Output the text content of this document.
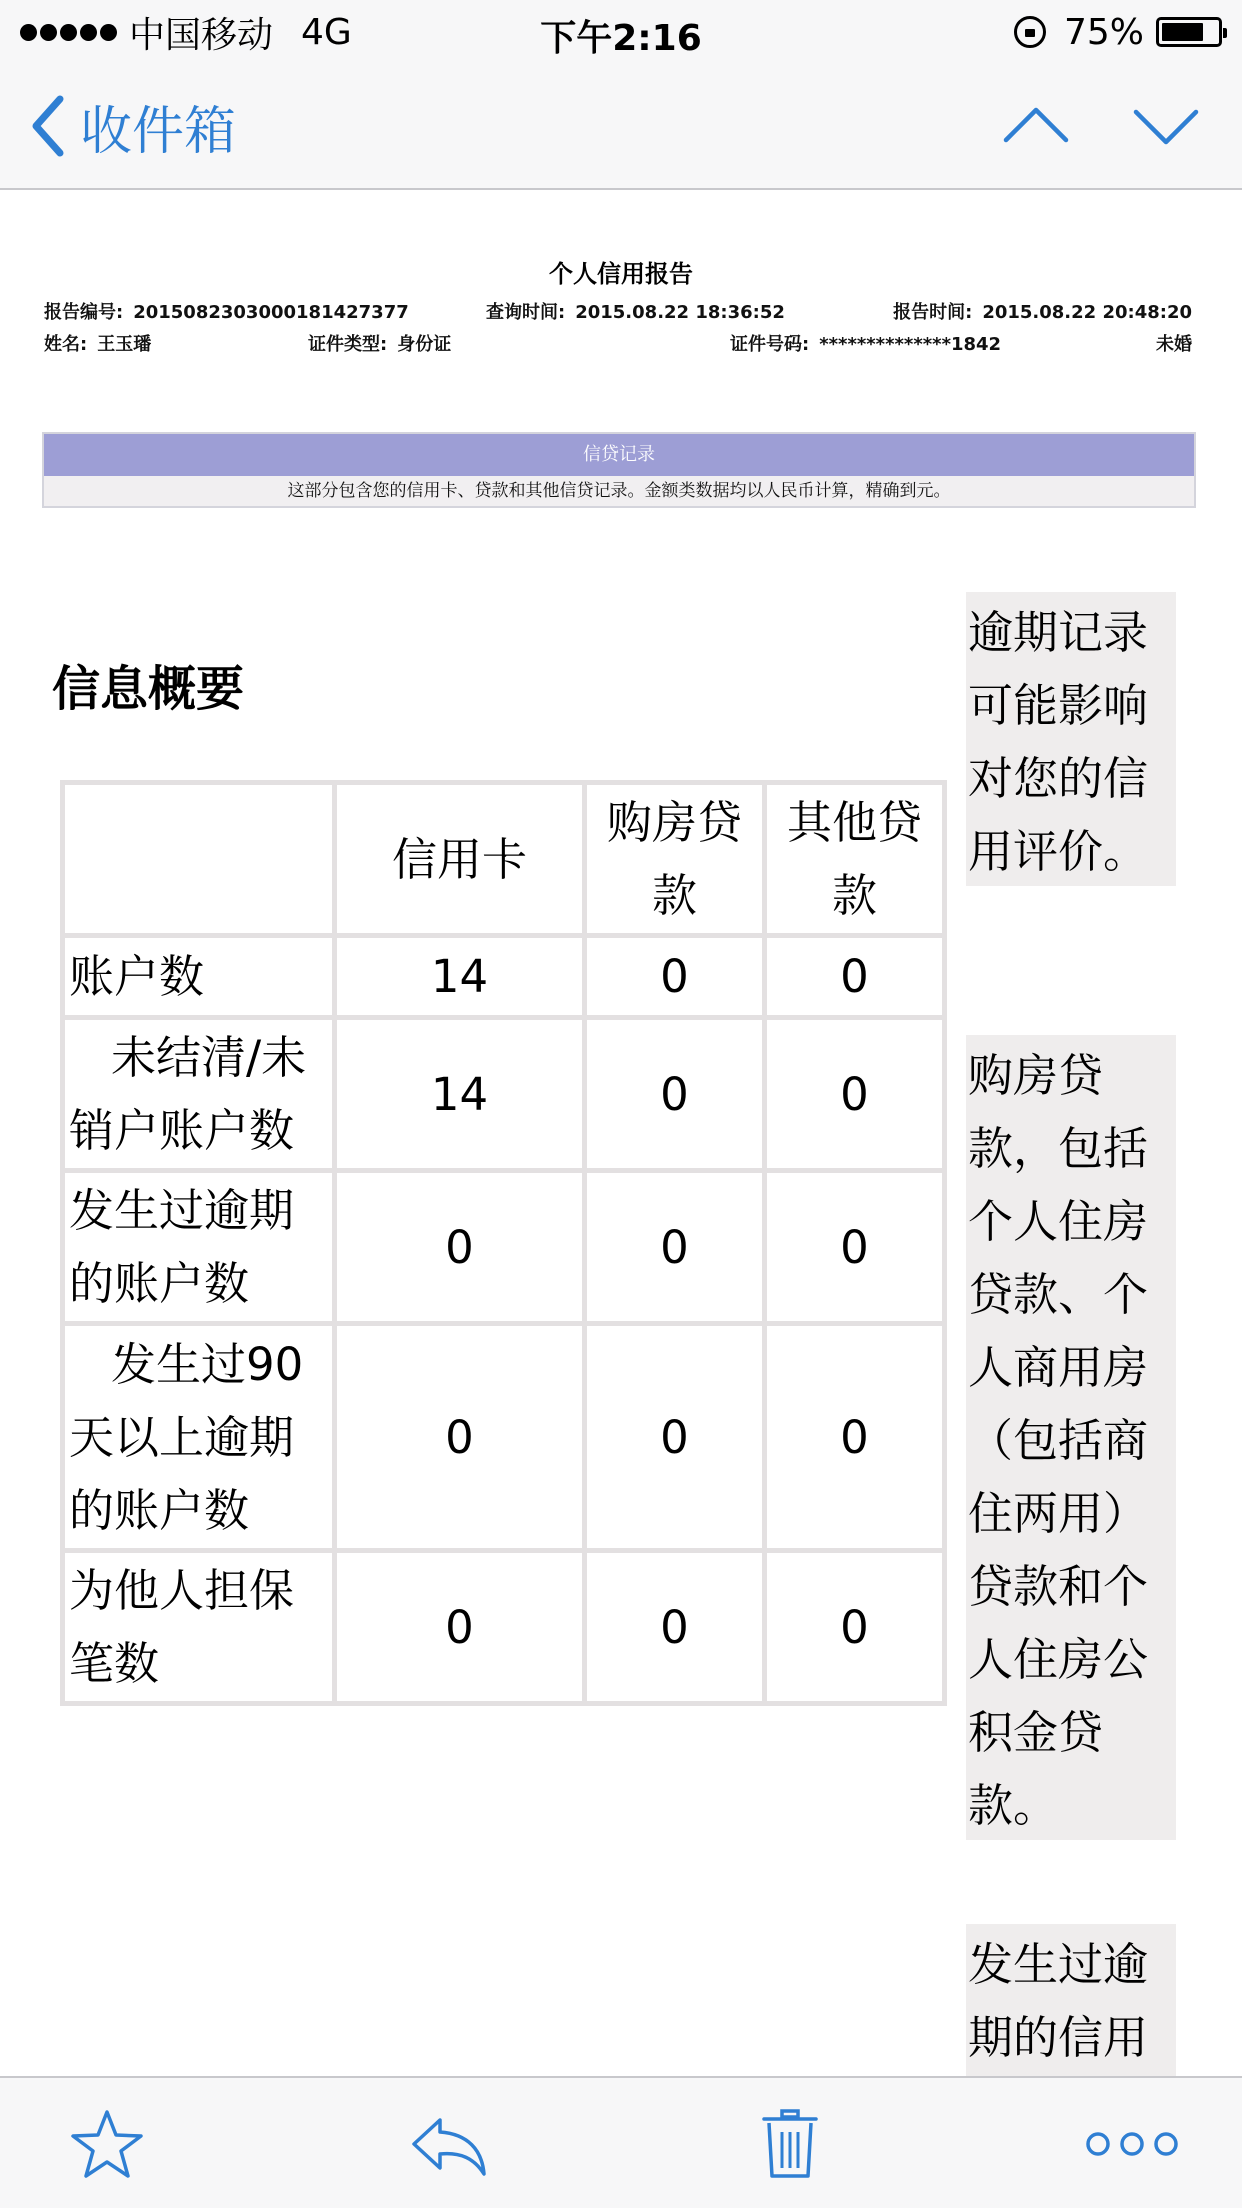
中国移动 4G	下午2:16	75%
收件箱
个人信用报告
报告编号: 2015082303000181427377	查询时间: 2015.08.22 18:36:52	报告时间: 2015.08.22 20:48:20
姓名: 王玉璠	证件类型: 身份证	证件号码: **************1842	未婚
信贷记录
这部分包含您的信用卡、贷款和其他信贷记录。金额类数据均以人民币计算，精确到元。
信息概要
	信用卡	购房贷款	其他贷款
账户数	14	0	0

未结清/未销户账户数	14	0	0
发生过逾期的账户数	0	0	0

发生过90天以上逾期的账户数	0	0	0
为他人担保笔数	0	0	0
逾期记录可能影响对您的信用评价。
购房贷款，包括个人住房贷款、个人商用房（包括商住两用）贷款和个人住房公积金贷款。
发生过逾期的信用
